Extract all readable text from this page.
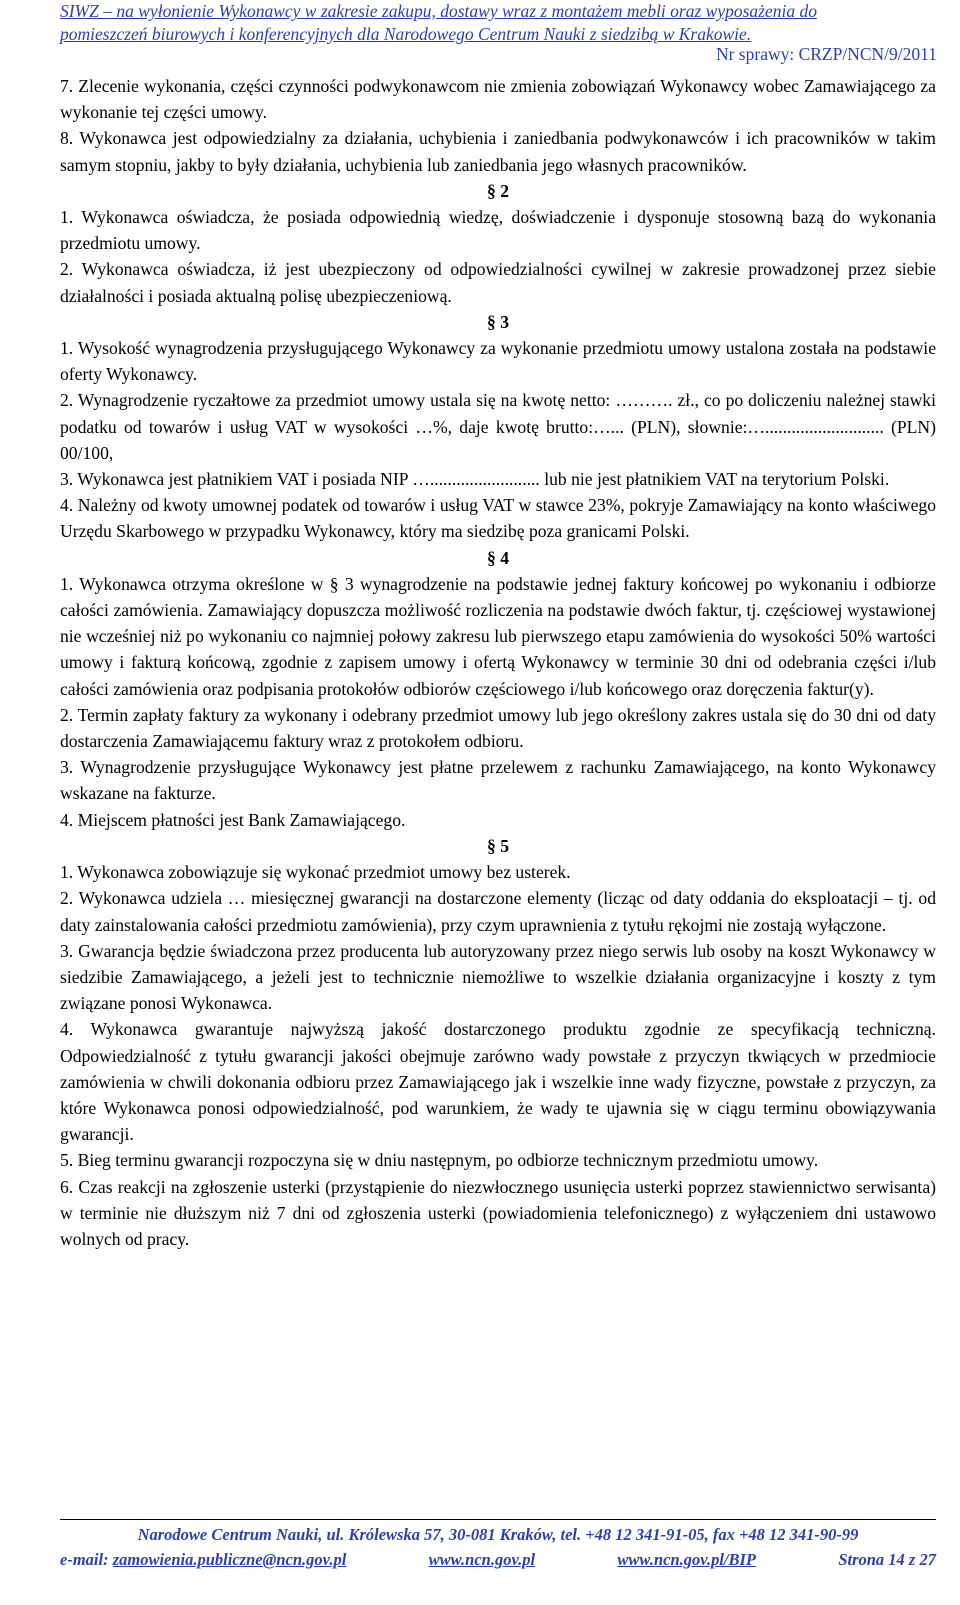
SIWZ – na wyłonienie Wykonawcy w zakresie zakupu, dostawy wraz z montażem mebli oraz wyposażenia do
pomieszczeń biurowych i konferencyjnych dla Narodowego Centrum Nauki z siedzibą w Krakowie.
Nr sprawy: CRZP/NCN/9/2011

7. Zlecenie wykonania, części czynności podwykonawcom nie zmienia zobowiązań Wykonawcy wobec Zamawiającego za wykonanie tej części umowy.

8. Wykonawca jest odpowiedzialny za działania, uchybienia i zaniedbania podwykonawców i ich pracowników w takim samym stopniu, jakby to były działania, uchybienia lub zaniedbania jego własnych pracowników.

§ 2

1. Wykonawca oświadcza, że posiada odpowiednią wiedzę, doświadczenie i dysponuje stosowną bazą do wykonania przedmiotu umowy.

2. Wykonawca oświadcza, iż jest ubezpieczony od odpowiedzialności cywilnej w zakresie prowadzonej przez siebie działalności i posiada aktualną polisę ubezpieczeniową.

§ 3

1. Wysokość wynagrodzenia przysługującego Wykonawcy za wykonanie przedmiotu umowy ustalona została na podstawie oferty Wykonawcy.

2. Wynagrodzenie ryczałtowe za przedmiot umowy ustala się na kwotę netto: ………. zł., co po doliczeniu należnej stawki podatku od towarów i usług VAT w wysokości …%, daje kwotę brutto:…... (PLN), słownie:…........................... (PLN) 00/100,

3. Wykonawca jest płatnikiem VAT i posiada NIP …......................... lub nie jest płatnikiem VAT na terytorium Polski.

4. Należny od kwoty umownej podatek od towarów i usług VAT w stawce 23%, pokryje Zamawiający na konto właściwego Urzędu Skarbowego w przypadku Wykonawcy, który ma siedzibę poza granicami Polski.

§ 4

1. Wykonawca otrzyma określone w § 3 wynagrodzenie na podstawie jednej faktury końcowej po wykonaniu i odbiorze całości zamówienia. Zamawiający dopuszcza możliwość rozliczenia na podstawie dwóch faktur, tj. częściowej wystawionej nie wcześniej niż po wykonaniu co najmniej połowy zakresu lub pierwszego etapu zamówienia do wysokości 50% wartości umowy i fakturą końcową, zgodnie z zapisem umowy i ofertą Wykonawcy w terminie 30 dni od odebrania części i/lub całości zamówienia oraz podpisania protokołów odbiorów częściowego i/lub końcowego oraz doręczenia faktur(y).

2. Termin zapłaty faktury za wykonany i odebrany przedmiot umowy lub jego określony zakres ustala się do 30 dni od daty dostarczenia Zamawiającemu faktury wraz z protokołem odbioru.

3. Wynagrodzenie przysługujące Wykonawcy jest płatne przelewem z rachunku Zamawiającego, na konto Wykonawcy wskazane na fakturze.

4. Miejscem płatności jest Bank Zamawiającego.

§ 5

1. Wykonawca zobowiązuje się wykonać przedmiot umowy bez usterek.

2. Wykonawca udziela … miesięcznej gwarancji na dostarczone elementy (licząc od daty oddania do eksploatacji – tj. od daty zainstalowania całości przedmiotu zamówienia), przy czym uprawnienia z tytułu rękojmi nie zostają wyłączone.

3. Gwarancja będzie świadczona przez producenta lub autoryzowany przez niego serwis lub osoby na koszt Wykonawcy w siedzibie Zamawiającego, a jeżeli jest to technicznie niemożliwe to wszelkie działania organizacyjne i koszty z tym związane ponosi Wykonawca.

4. Wykonawca gwarantuje najwyższą jakość dostarczonego produktu zgodnie ze specyfikacją techniczną. Odpowiedzialność z tytułu gwarancji jakości obejmuje zarówno wady powstałe z przyczyn tkwiących w przedmiocie zamówienia w chwili dokonania odbioru przez Zamawiającego jak i wszelkie inne wady fizyczne, powstałe z przyczyn, za które Wykonawca ponosi odpowiedzialność, pod warunkiem, że wady te ujawnia się w ciągu terminu obowiązywania gwarancji.

5. Bieg terminu gwarancji rozpoczyna się w dniu następnym, po odbiorze technicznym przedmiotu umowy.

6. Czas reakcji na zgłoszenie usterki (przystąpienie do niezwłocznego usunięcia usterki poprzez stawiennictwo serwisanta) w terminie nie dłuższym niż 7 dni od zgłoszenia usterki (powiadomienia telefonicznego) z wyłączeniem dni ustawowo wolnych od pracy.

Narodowe Centrum Nauki, ul. Królewska 57, 30-081 Kraków, tel. +48 12 341-91-05, fax +48 12 341-90-99
e-mail: zamowienia.publiczne@ncn.gov.pl	www.ncn.gov.pl	www.ncn.gov.pl/BIP	Strona 14 z 27
